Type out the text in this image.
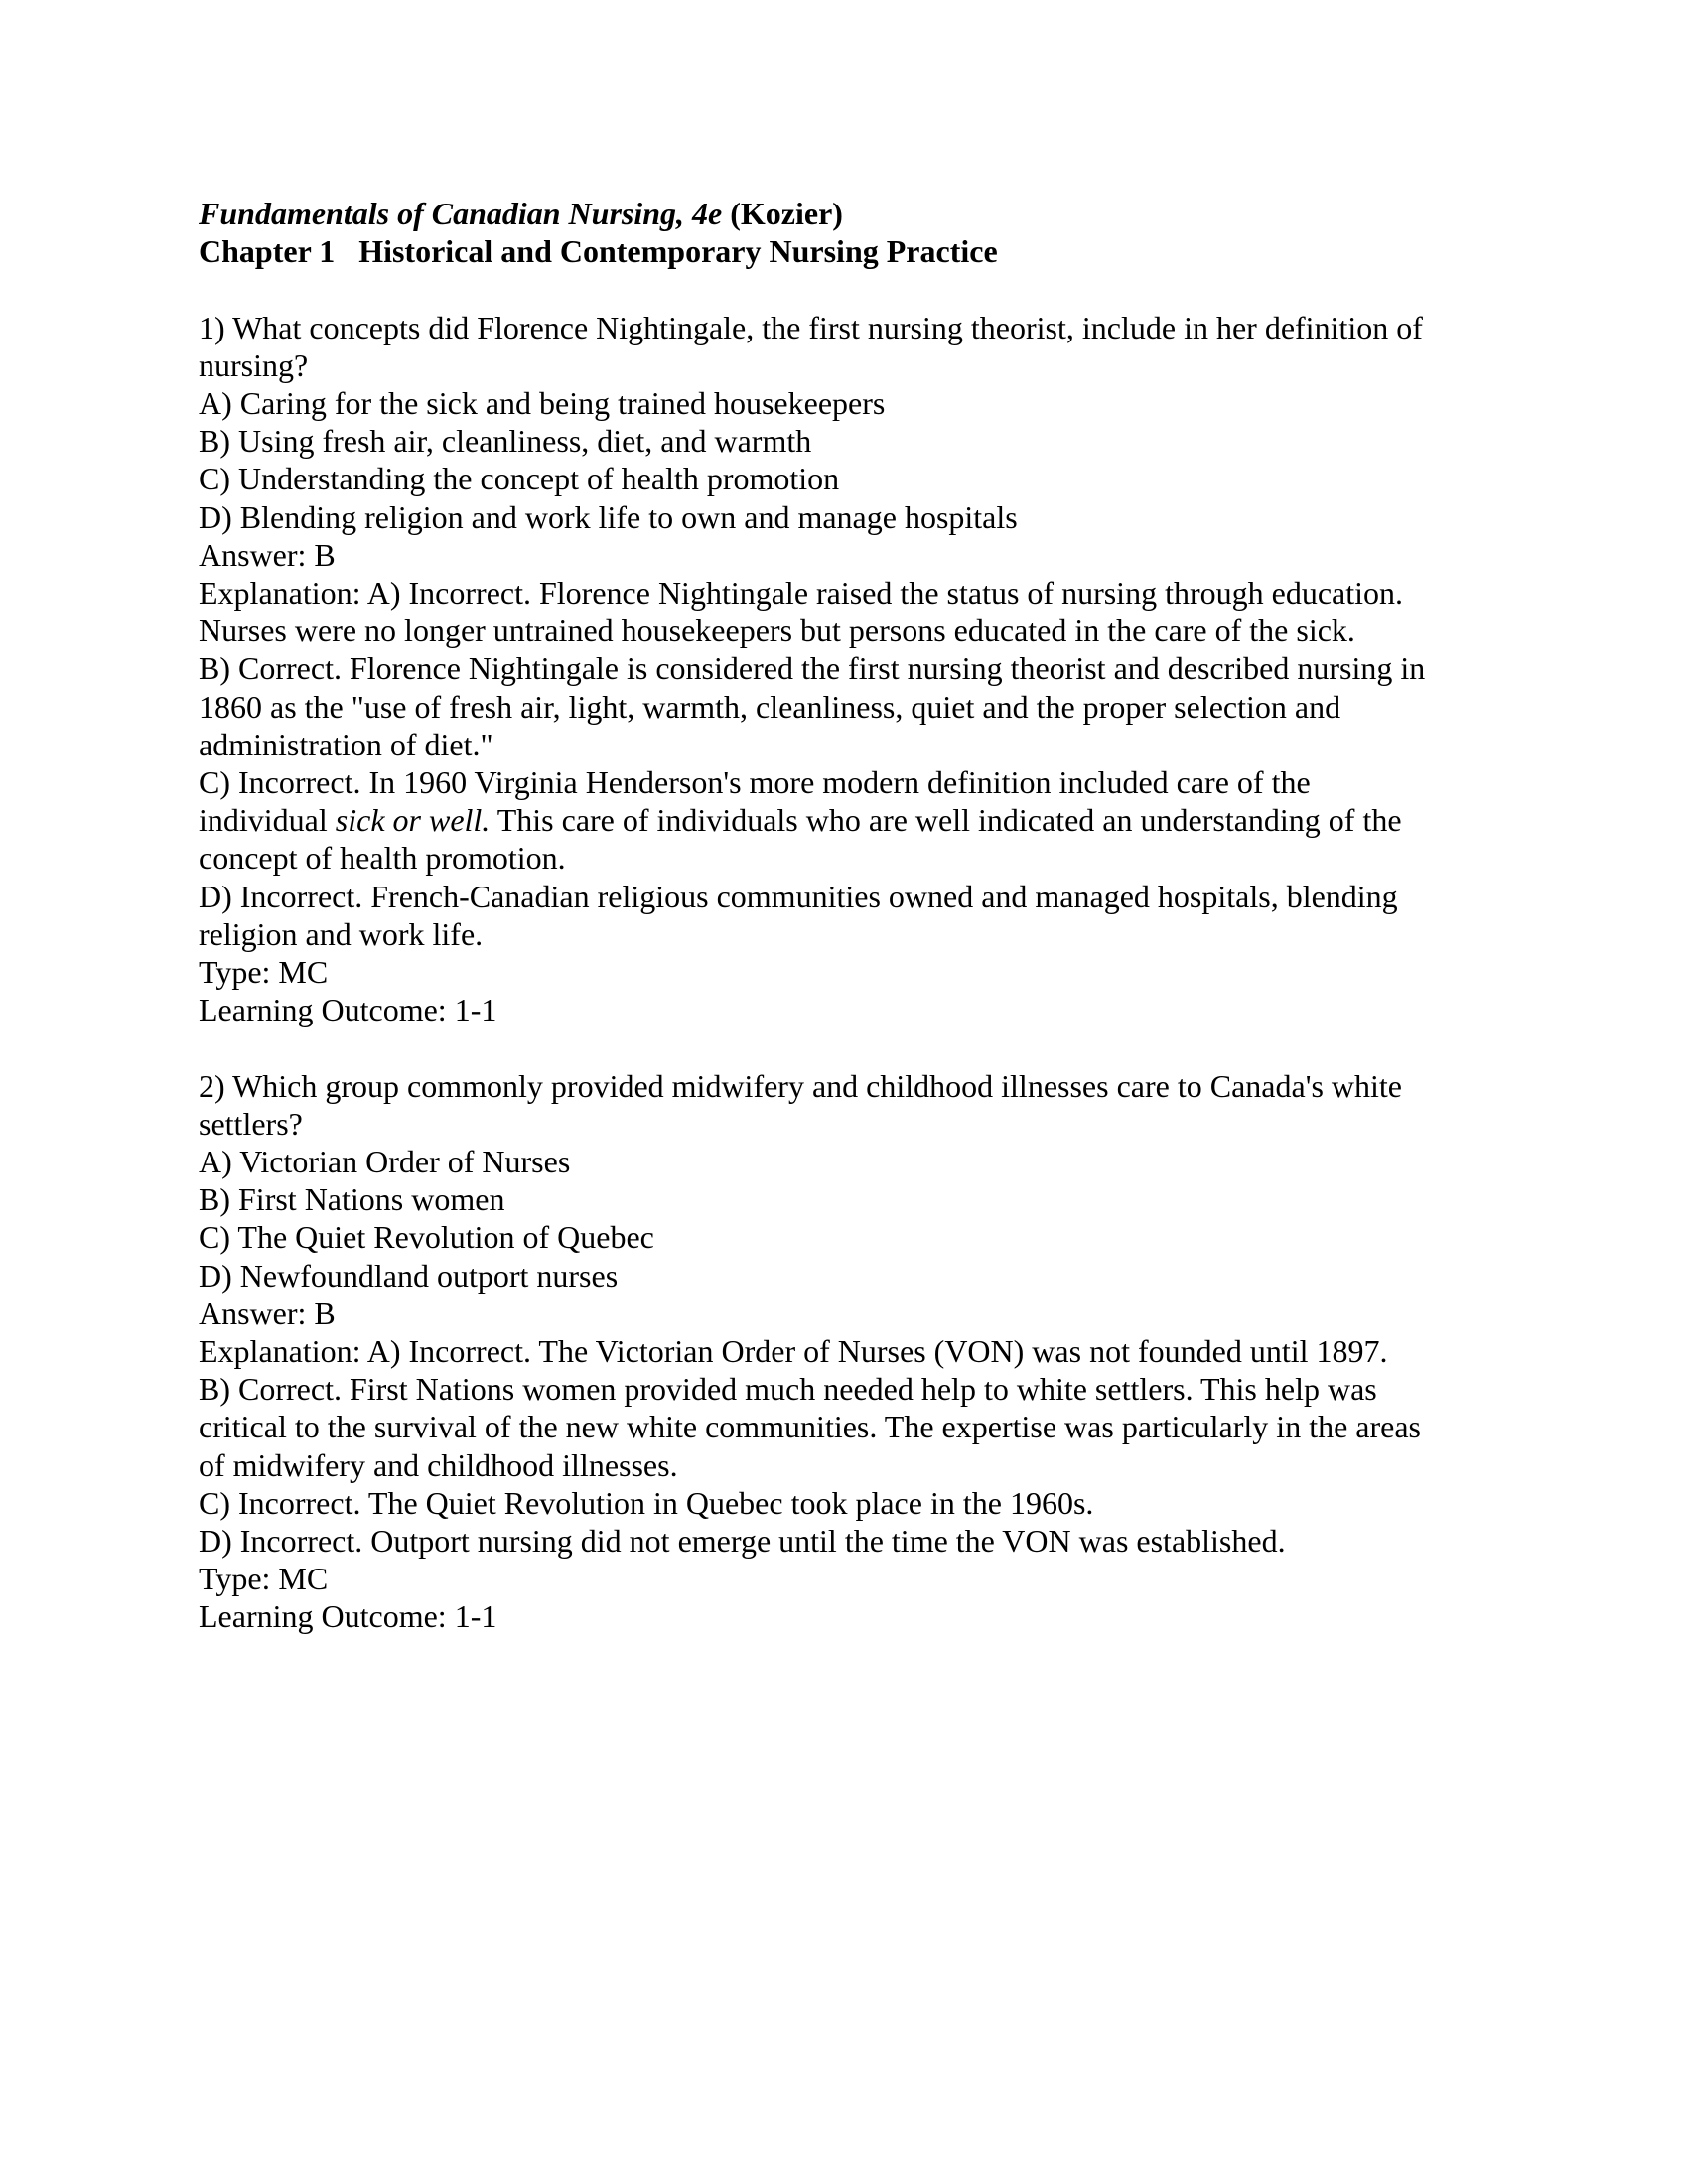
Fundamentals of Canadian Nursing, 4e (Kozier)
Chapter 1 Historical and Contemporary Nursing Practice
1) What concepts did Florence Nightingale, the first nursing theorist, include in her definition of
nursing?
A) Caring for the sick and being trained housekeepers
B) Using fresh air, cleanliness, diet, and warmth
C) Understanding the concept of health promotion
D) Blending religion and work life to own and manage hospitals
Answer: B
Explanation: A) Incorrect. Florence Nightingale raised the status of nursing through education.
Nurses were no longer untrained housekeepers but persons educated in the care of the sick.
B) Correct. Florence Nightingale is considered the first nursing theorist and described nursing in
1860 as the "use of fresh air, light, warmth, cleanliness, quiet and the proper selection and
administration of diet."
C) Incorrect. In 1960 Virginia Henderson's more modern definition included care of the
individual sick or well. This care of individuals who are well indicated an understanding of the
concept of health promotion.
D) Incorrect. French-Canadian religious communities owned and managed hospitals, blending
religion and work life.
Type: MC
Learning Outcome: 1-1
2) Which group commonly provided midwifery and childhood illnesses care to Canada's white
settlers?
A) Victorian Order of Nurses
B) First Nations women
C) The Quiet Revolution of Quebec
D) Newfoundland outport nurses
Answer: B
Explanation: A) Incorrect. The Victorian Order of Nurses (VON) was not founded until 1897.
B) Correct. First Nations women provided much needed help to white settlers. This help was
critical to the survival of the new white communities. The expertise was particularly in the areas
of midwifery and childhood illnesses.
C) Incorrect. The Quiet Revolution in Quebec took place in the 1960s.
D) Incorrect. Outport nursing did not emerge until the time the VON was established.
Type: MC
Learning Outcome: 1-1
